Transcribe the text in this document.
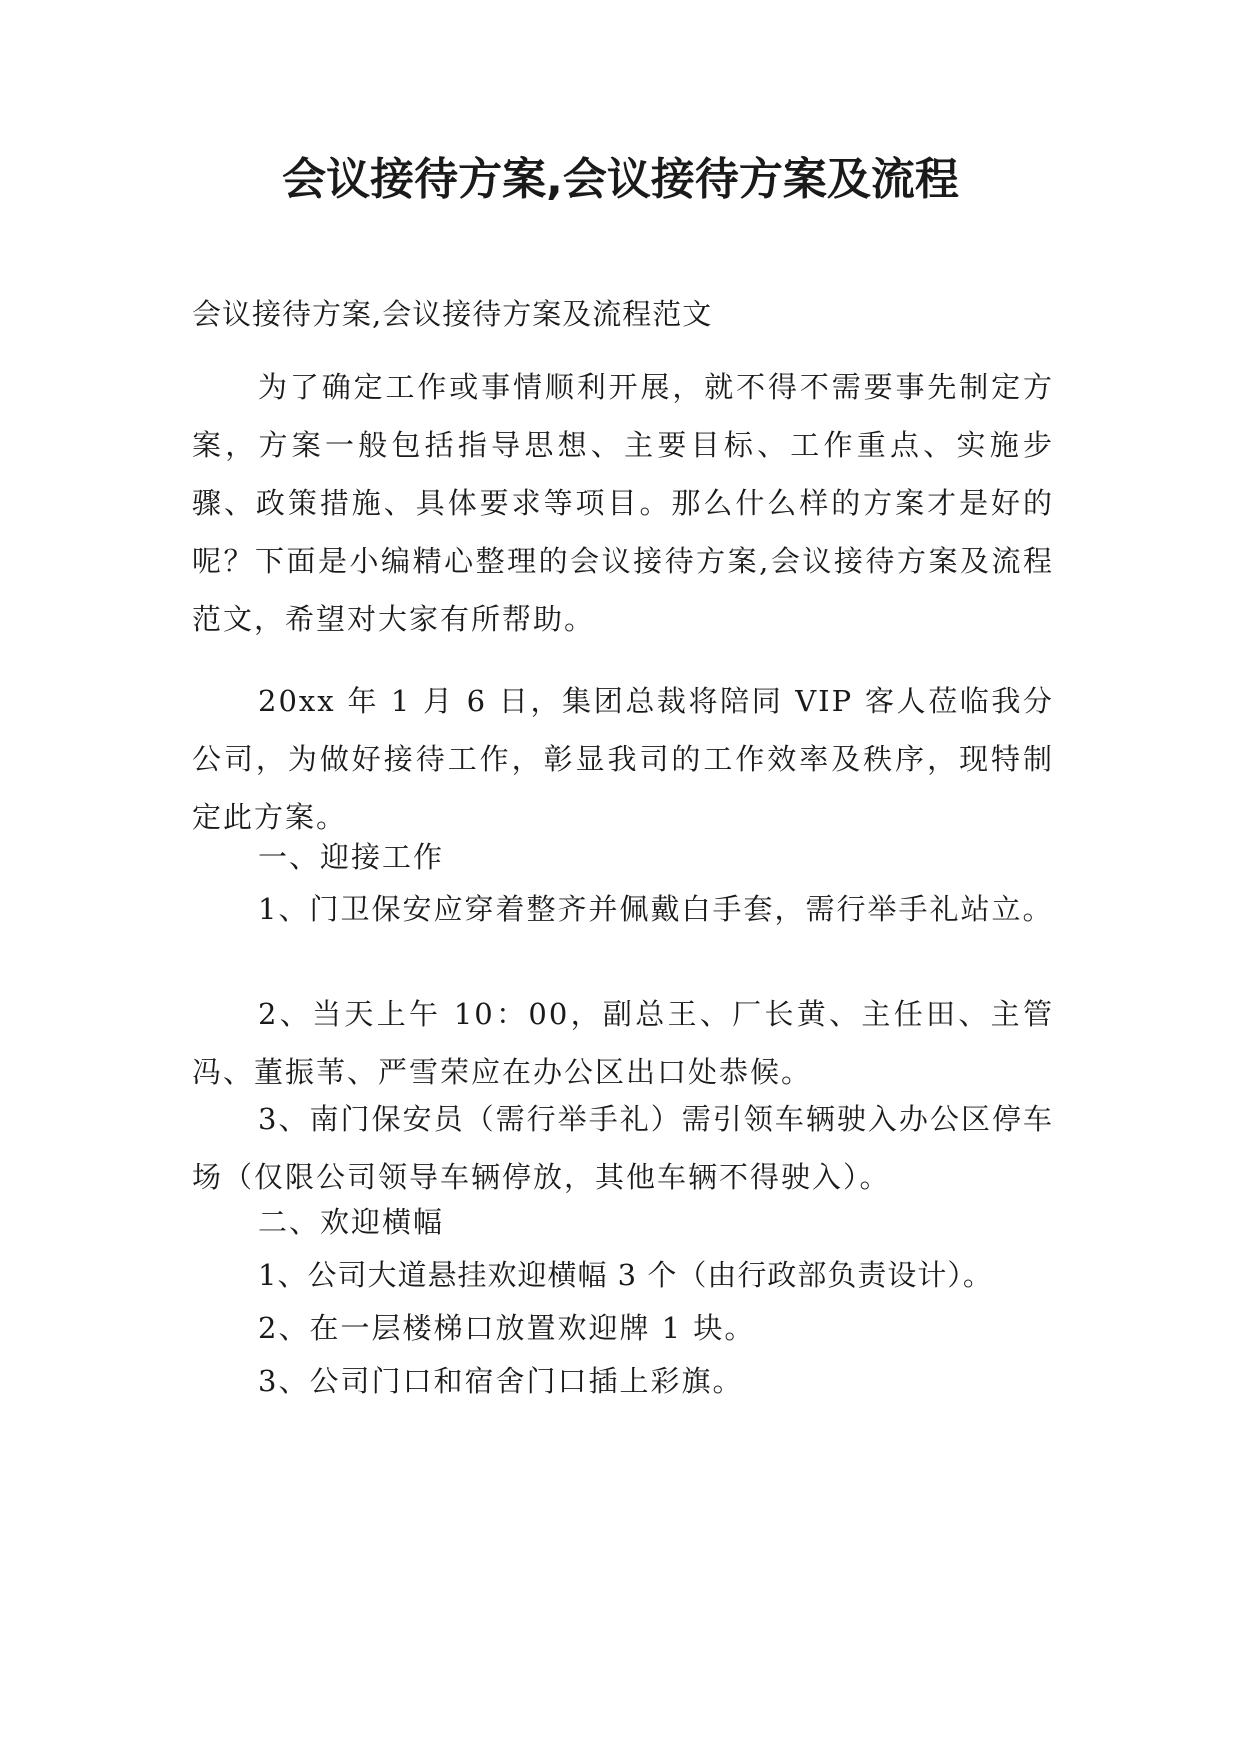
会议接待方案,会议接待方案及流程
会议接待方案,会议接待方案及流程范文

为了确定工作或事情顺利开展，就不得不需要事先制定方案，方案一般包括指导思想、主要目标、工作重点、实施步骤、政策措施、具体要求等项目。那么什么样的方案才是好的呢？下面是小编精心整理的会议接待方案,会议接待方案及流程范文，希望对大家有所帮助。

20xx 年 1 月 6 日，集团总裁将陪同 VIP 客人莅临我分公司，为做好接待工作，彰显我司的工作效率及秩序，现特制定此方案。

一、迎接工作

1、门卫保安应穿着整齐并佩戴白手套，需行举手礼站立。

2、当天上午 10：00，副总王、厂长黄、主任田、主管冯、董振苇、严雪荣应在办公区出口处恭候。

3、南门保安员（需行举手礼）需引领车辆驶入办公区停车场（仅限公司领导车辆停放，其他车辆不得驶入）。

二、欢迎横幅
1、公司大道悬挂欢迎横幅 3 个（由行政部负责设计）。
2、在一层楼梯口放置欢迎牌 1 块。
3、公司门口和宿舍门口插上彩旗。
